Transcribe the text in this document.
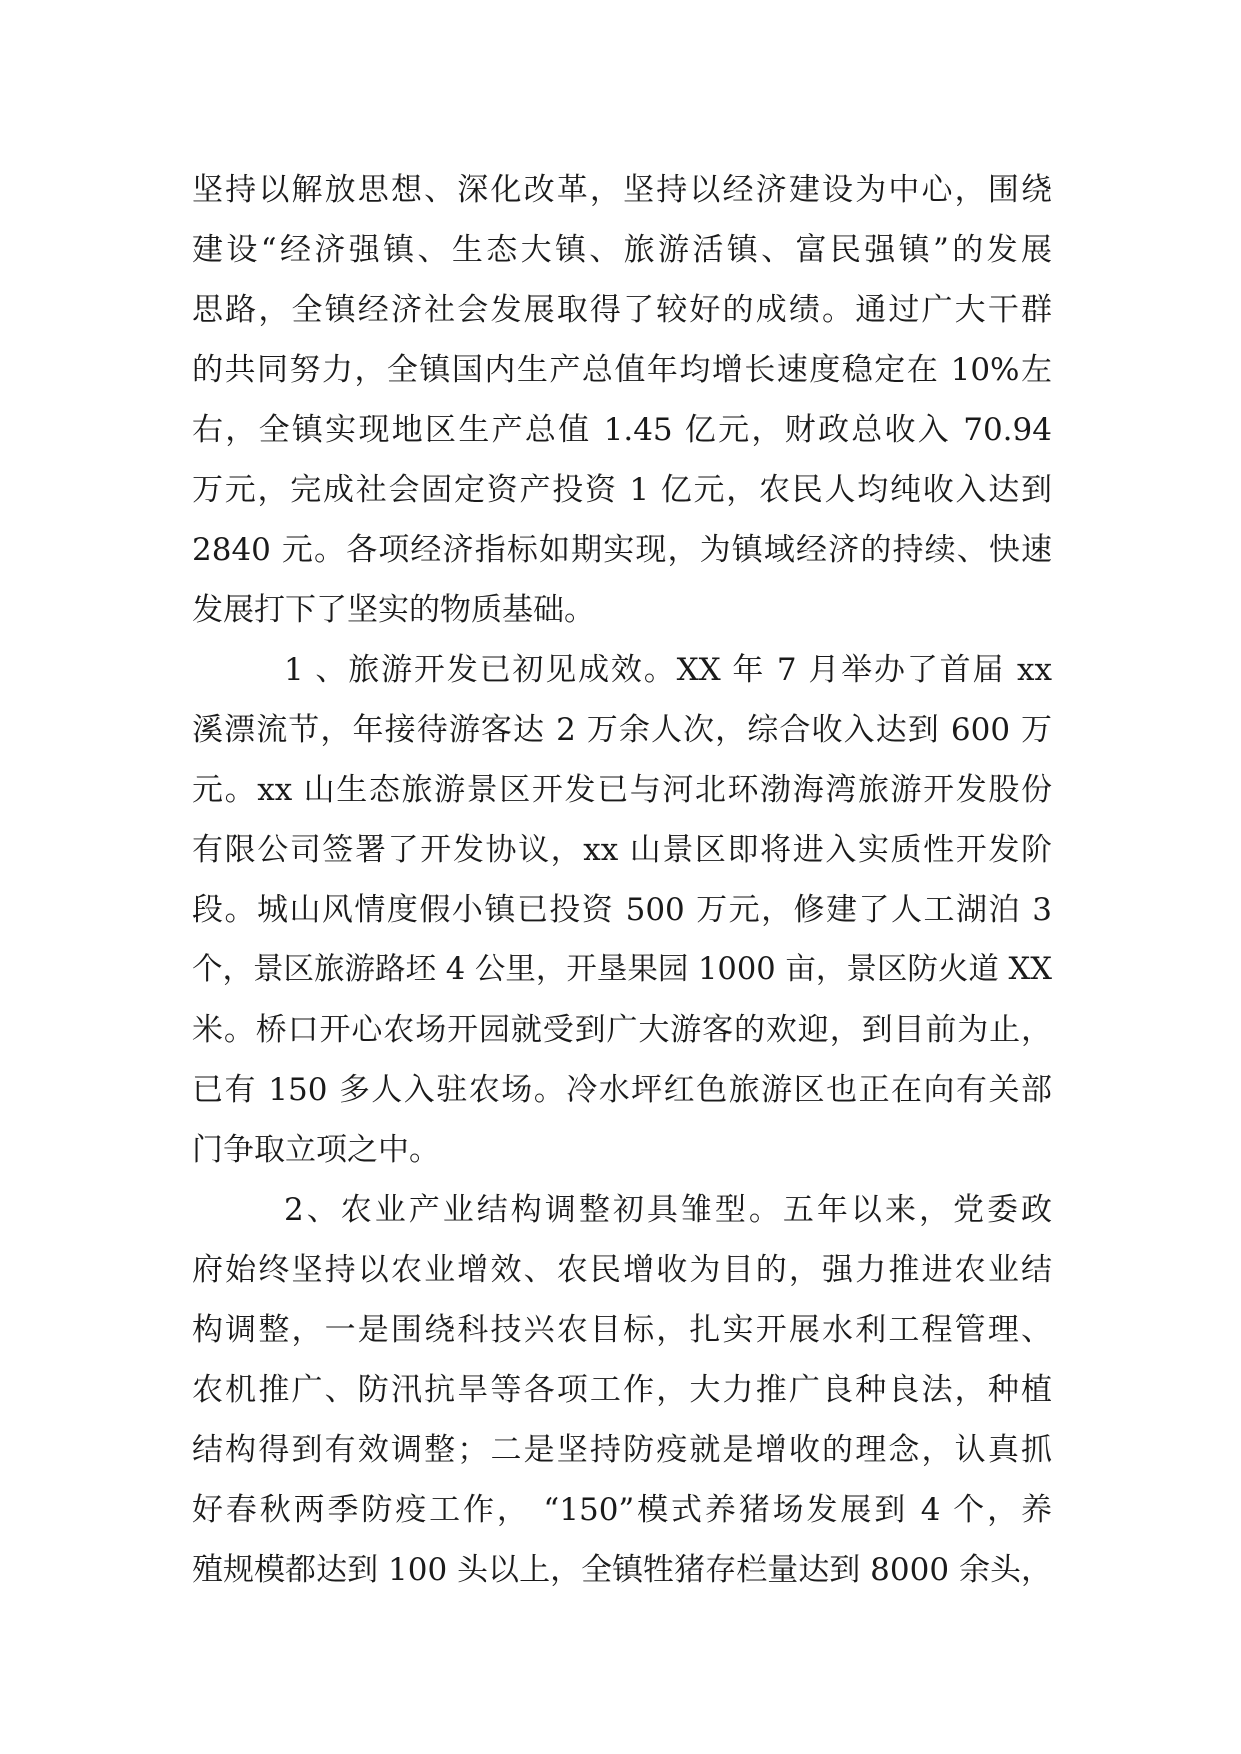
坚持以解放思想、深化改革，坚持以经济建设为中心，围绕
建设“经济强镇、生态大镇、旅游活镇、富民强镇”的发展
思路，全镇经济社会发展取得了较好的成绩。通过广大干群
的共同努力，全镇国内生产总值年均增长速度稳定在 10%左
右，全镇实现地区生产总值 1.45 亿元，财政总收入 70.94
万元，完成社会固定资产投资 1 亿元，农民人均纯收入达到
2840 元。各项经济指标如期实现，为镇域经济的持续、快速
发展打下了坚实的物质基础。
1 、旅游开发已初见成效。XX 年 7 月举办了首届 xx
溪漂流节，年接待游客达 2 万余人次，综合收入达到 600 万
元。xx 山生态旅游景区开发已与河北环渤海湾旅游开发股份
有限公司签署了开发协议，xx 山景区即将进入实质性开发阶
段。城山风情度假小镇已投资 500 万元，修建了人工湖泊 3
个，景区旅游路坯 4 公里，开垦果园 1000 亩，景区防火道 XX
米。桥口开心农场开园就受到广大游客的欢迎，到目前为止，
已有 150 多人入驻农场。冷水坪红色旅游区也正在向有关部
门争取立项之中。
2、农业产业结构调整初具雏型。五年以来，党委政
府始终坚持以农业增效、农民增收为目的，强力推进农业结
构调整，一是围绕科技兴农目标，扎实开展水利工程管理、
农机推广、防汛抗旱等各项工作，大力推广良种良法，种植
结构得到有效调整；二是坚持防疫就是增收的理念，认真抓
好春秋两季防疫工作， “150”模式养猪场发展到 4 个，养
殖规模都达到 100 头以上，全镇牲猪存栏量达到 8000 余头，
